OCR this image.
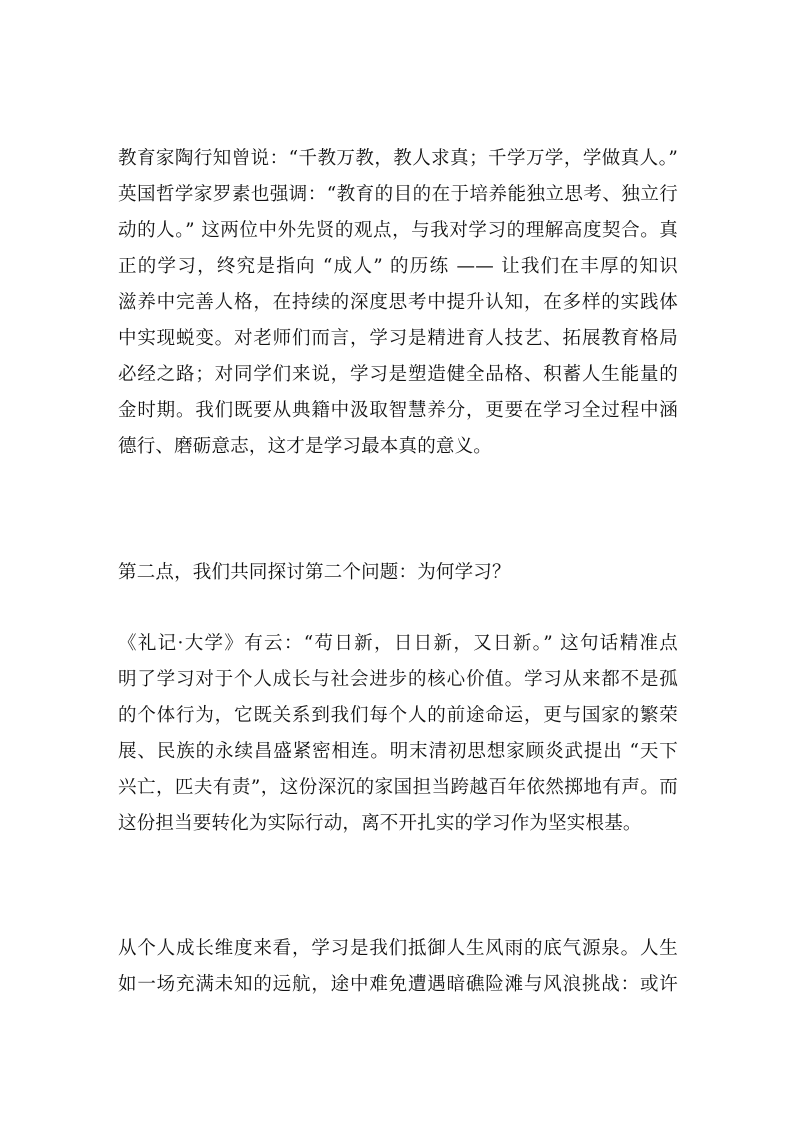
教育家陶行知曾说：“千教万教，教人求真；千学万学，学做真人。”
英国哲学家罗素也强调：“教育的目的在于培养能独立思考、独立行
动的人。” 这两位中外先贤的观点，与我对学习的理解高度契合。真
正的学习，终究是指向 “成人” 的历练 —— 让我们在丰厚的知识
滋养中完善人格，在持续的深度思考中提升认知，在多样的实践体
中实现蜕变。对老师们而言，学习是精进育人技艺、拓展教育格局
必经之路；对同学们来说，学习是塑造健全品格、积蓄人生能量的
金时期。我们既要从典籍中汲取智慧养分，更要在学习全过程中涵
德行、磨砺意志，这才是学习最本真的意义。
第二点，我们共同探讨第二个问题：为何学习？
《礼记·大学》有云：“苟日新，日日新，又日新。” 这句话精准点
明了学习对于个人成长与社会进步的核心价值。学习从来都不是孤
的个体行为，它既关系到我们每个人的前途命运，更与国家的繁荣
展、民族的永续昌盛紧密相连。明末清初思想家顾炎武提出 “天下
兴亡，匹夫有责”，这份深沉的家国担当跨越百年依然掷地有声。而
这份担当要转化为实际行动，离不开扎实的学习作为坚实根基。
从个人成长维度来看，学习是我们抵御人生风雨的底气源泉。人生
如一场充满未知的远航，途中难免遭遇暗礁险滩与风浪挑战：或许
